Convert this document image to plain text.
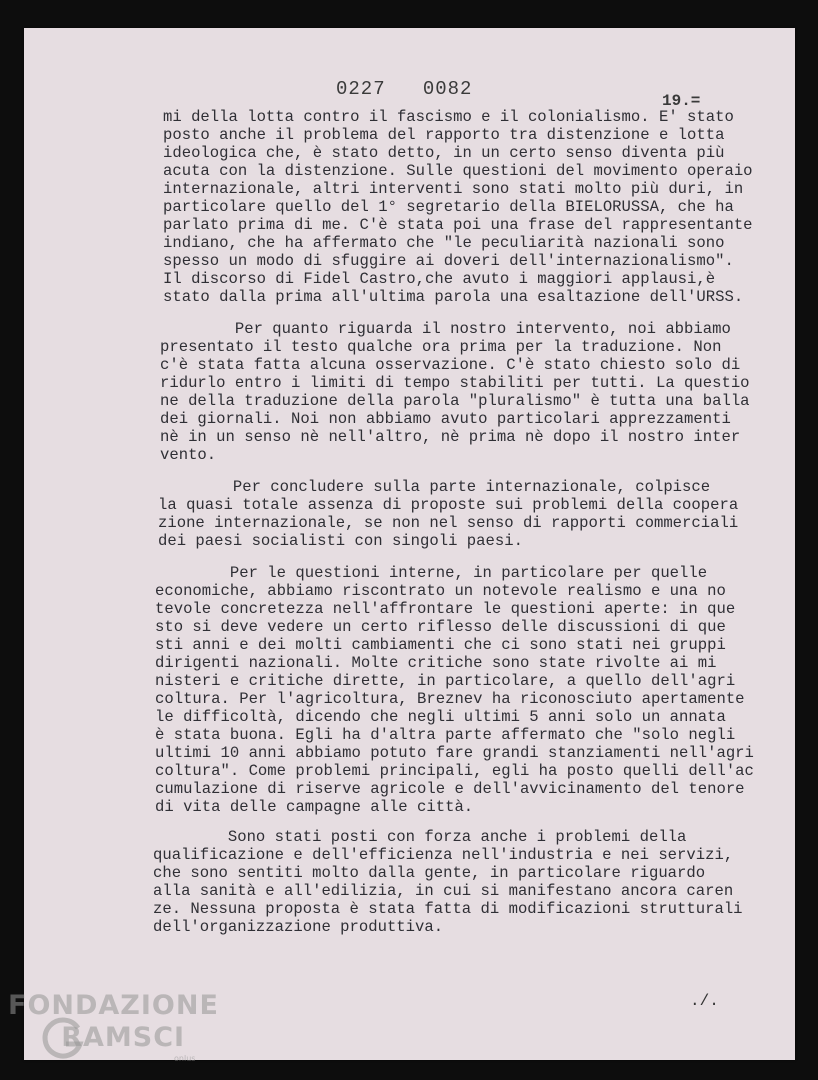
0227   0082
19.=
mi della lotta contro il fascismo e il colonialismo. E' stato
posto anche il problema del rapporto tra distenzione e lotta
ideologica che, è stato detto, in un certo senso diventa più
acuta con la distenzione. Sulle questioni del movimento operaio
internazionale, altri interventi sono stati molto più duri, in
particolare quello del 1° segretario della BIELORUSSA, che ha
parlato prima di me. C'è stata poi una frase del rappresentante
indiano, che ha affermato che "le peculiarità nazionali sono
spesso un modo di sfuggire ai doveri dell'internazionalismo".
Il discorso di Fidel Castro,che avuto i maggiori applausi,è
stato dalla prima all'ultima parola una esaltazione dell'URSS.
Per quanto riguarda il nostro intervento, noi abbiamo
presentato il testo qualche ora prima per la traduzione. Non
c'è stata fatta alcuna osservazione. C'è stato chiesto solo di
ridurlo entro i limiti di tempo stabiliti per tutti. La questio
ne della traduzione della parola "pluralismo" è tutta una balla
dei giornali. Noi non abbiamo avuto particolari apprezzamenti
nè in un senso nè nell'altro, nè prima nè dopo il nostro inter
vento.
Per concludere sulla parte internazionale, colpisce
la quasi totale assenza di proposte sui problemi della coopera
zione internazionale, se non nel senso di rapporti commerciali
dei paesi socialisti con singoli paesi.
Per le questioni interne, in particolare per quelle
economiche, abbiamo riscontrato un notevole realismo e una no
tevole concretezza nell'affrontare le questioni aperte: in que
sto si deve vedere un certo riflesso delle discussioni di que
sti anni e dei molti cambiamenti che ci sono stati nei gruppi
dirigenti nazionali. Molte critiche sono state rivolte ai mi
nisteri e critiche dirette, in particolare, a quello dell'agri
coltura. Per l'agricoltura, Breznev ha riconosciuto apertamente
le difficoltà, dicendo che negli ultimi 5 anni solo un annata
è stata buona. Egli ha d'altra parte affermato che "solo negli
ultimi 10 anni abbiamo potuto fare grandi stanziamenti nell'agri
coltura". Come problemi principali, egli ha posto quelli dell'ac
cumulazione di riserve agricole e dell'avvicinamento del tenore
di vita delle campagne alle città.
Sono stati posti con forza anche i problemi della
qualificazione e dell'efficienza nell'industria e nei servizi,
che sono sentiti molto dalla gente, in particolare riguardo
alla sanità e all'edilizia, in cui si manifestano ancora caren
ze. Nessuna proposta è stata fatta di modificazioni strutturali
dell'organizzazione produttiva.
./.
FONDAZIONE
RAMSCI
onlus
